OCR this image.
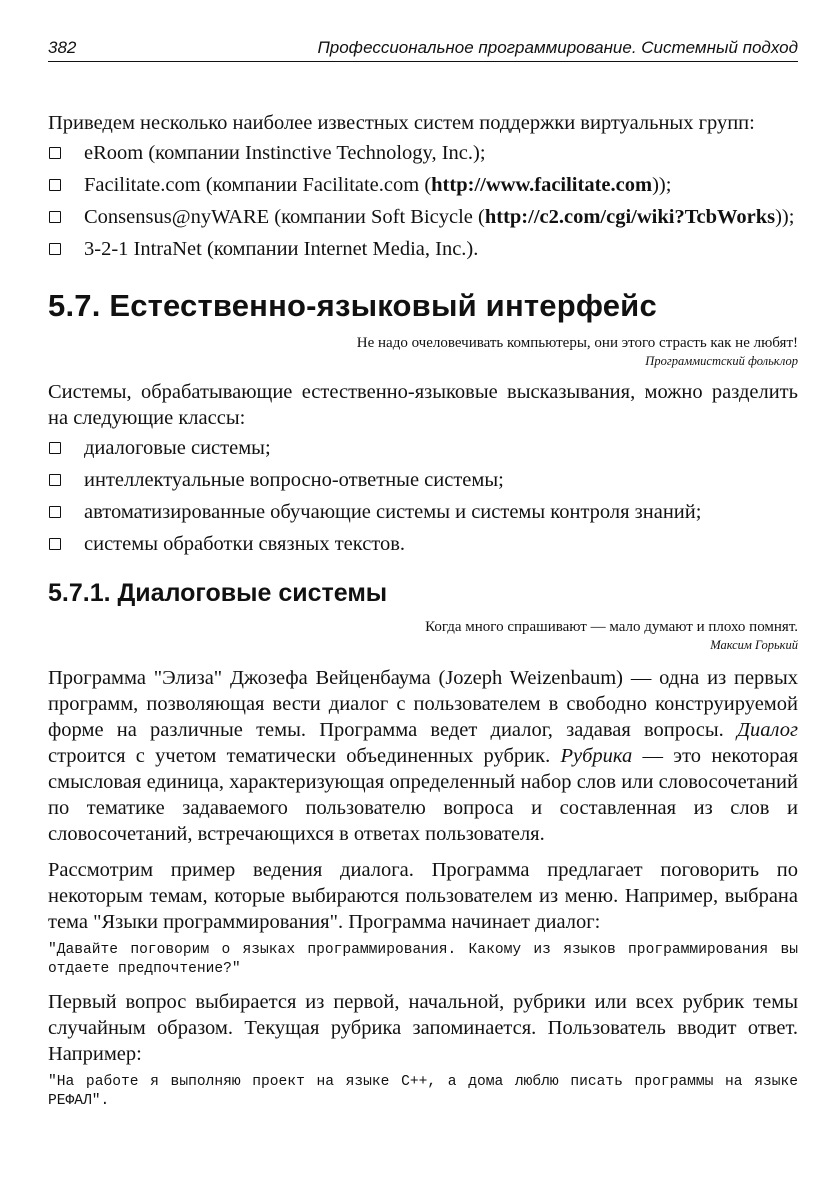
382	Профессиональное программирование. Системный подход

Приведем несколько наиболее известных систем поддержки виртуальных групп:

eRoom (компании Instinctive Technology, Inc.);
Facilitate.com (компании Facilitate.com (http://www.facilitate.com));
Consensus@nyWARE (компании Soft Bicycle (http://c2.com/cgi/wiki?TcbWorks));
3-2-1 IntraNet (компании Internet Media, Inc.).
5.7. Естественно-языковый интерфейс
Не надо очеловечивать компьютеры, они этого страсть как не любят!
Программистский фольклор

Системы, обрабатывающие естественно-языковые высказывания, можно разделить на следующие классы:

диалоговые системы;
интеллектуальные вопросно-ответные системы;
автоматизированные обучающие системы и системы контроля знаний;
системы обработки связных текстов.
5.7.1. Диалоговые системы
Когда много спрашивают — мало думают и плохо помнят.
Максим Горький

Программа "Элиза" Джозефа Вейценбаума (Jozeph Weizenbaum) — одна из первых программ, позволяющая вести диалог с пользователем в свободно конструируемой форме на различные темы. Программа ведет диалог, задавая вопросы. Диалог строится с учетом тематически объединенных рубрик. Рубрика — это некоторая смысловая единица, характеризующая определенный набор слов или словосочетаний по тематике задаваемого пользователю вопроса и составленная из слов и словосочетаний, встречающихся в ответах пользователя.

Рассмотрим пример ведения диалога. Программа предлагает поговорить по некоторым темам, которые выбираются пользователем из меню. Например, выбрана тема "Языки программирования". Программа начинает диалог:

"Давайте поговорим о языках программирования. Какому из языков программирования вы отдаете предпочтение?"

Первый вопрос выбирается из первой, начальной, рубрики или всех рубрик темы случайным образом. Текущая рубрика запоминается. Пользователь вводит ответ. Например:

"На работе я выполняю проект на языке С++, а дома люблю писать программы на языке РЕФАЛ".
